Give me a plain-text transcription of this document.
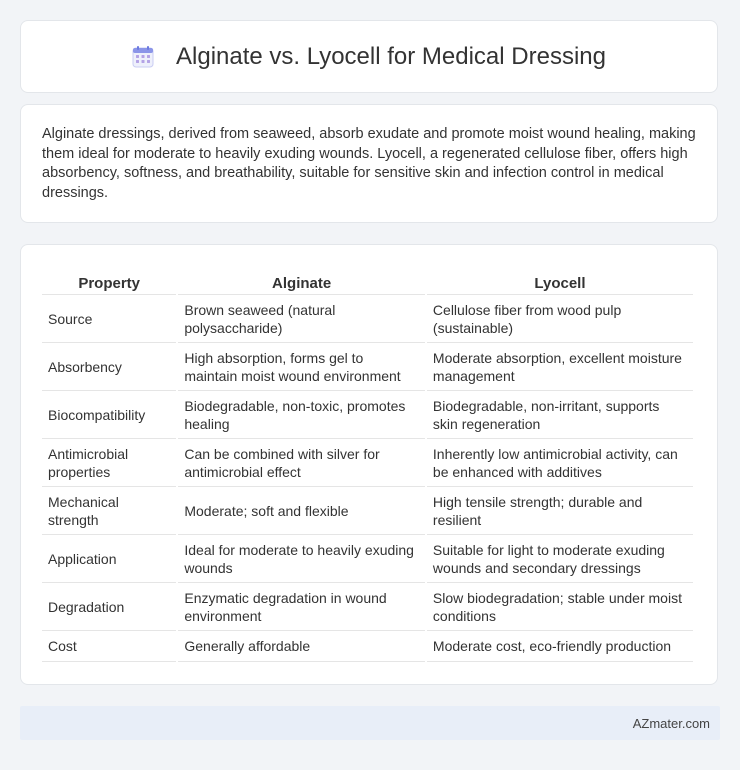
Alginate vs. Lyocell for Medical Dressing

Alginate dressings, derived from seaweed, absorb exudate and promote moist wound healing, making them ideal for moderate to heavily exuding wounds. Lyocell, a regenerated cellulose fiber, offers high absorbency, softness, and breathability, suitable for sensitive skin and infection control in medical dressings.

Property	Alginate	Lyocell
Source	Brown seaweed (natural polysaccharide)	Cellulose fiber from wood pulp (sustainable)
Absorbency	High absorption, forms gel to maintain moist wound environment	Moderate absorption, excellent moisture management
Biocompatibility	Biodegradable, non-toxic, promotes healing	Biodegradable, non-irritant, supports skin regeneration
Antimicrobial properties	Can be combined with silver for antimicrobial effect	Inherently low antimicrobial activity, can be enhanced with additives
Mechanical strength	Moderate; soft and flexible	High tensile strength; durable and resilient
Application	Ideal for moderate to heavily exuding wounds	Suitable for light to moderate exuding wounds and secondary dressings
Degradation	Enzymatic degradation in wound environment	Slow biodegradation; stable under moist conditions
Cost	Generally affordable	Moderate cost, eco-friendly production
AZmater.com
